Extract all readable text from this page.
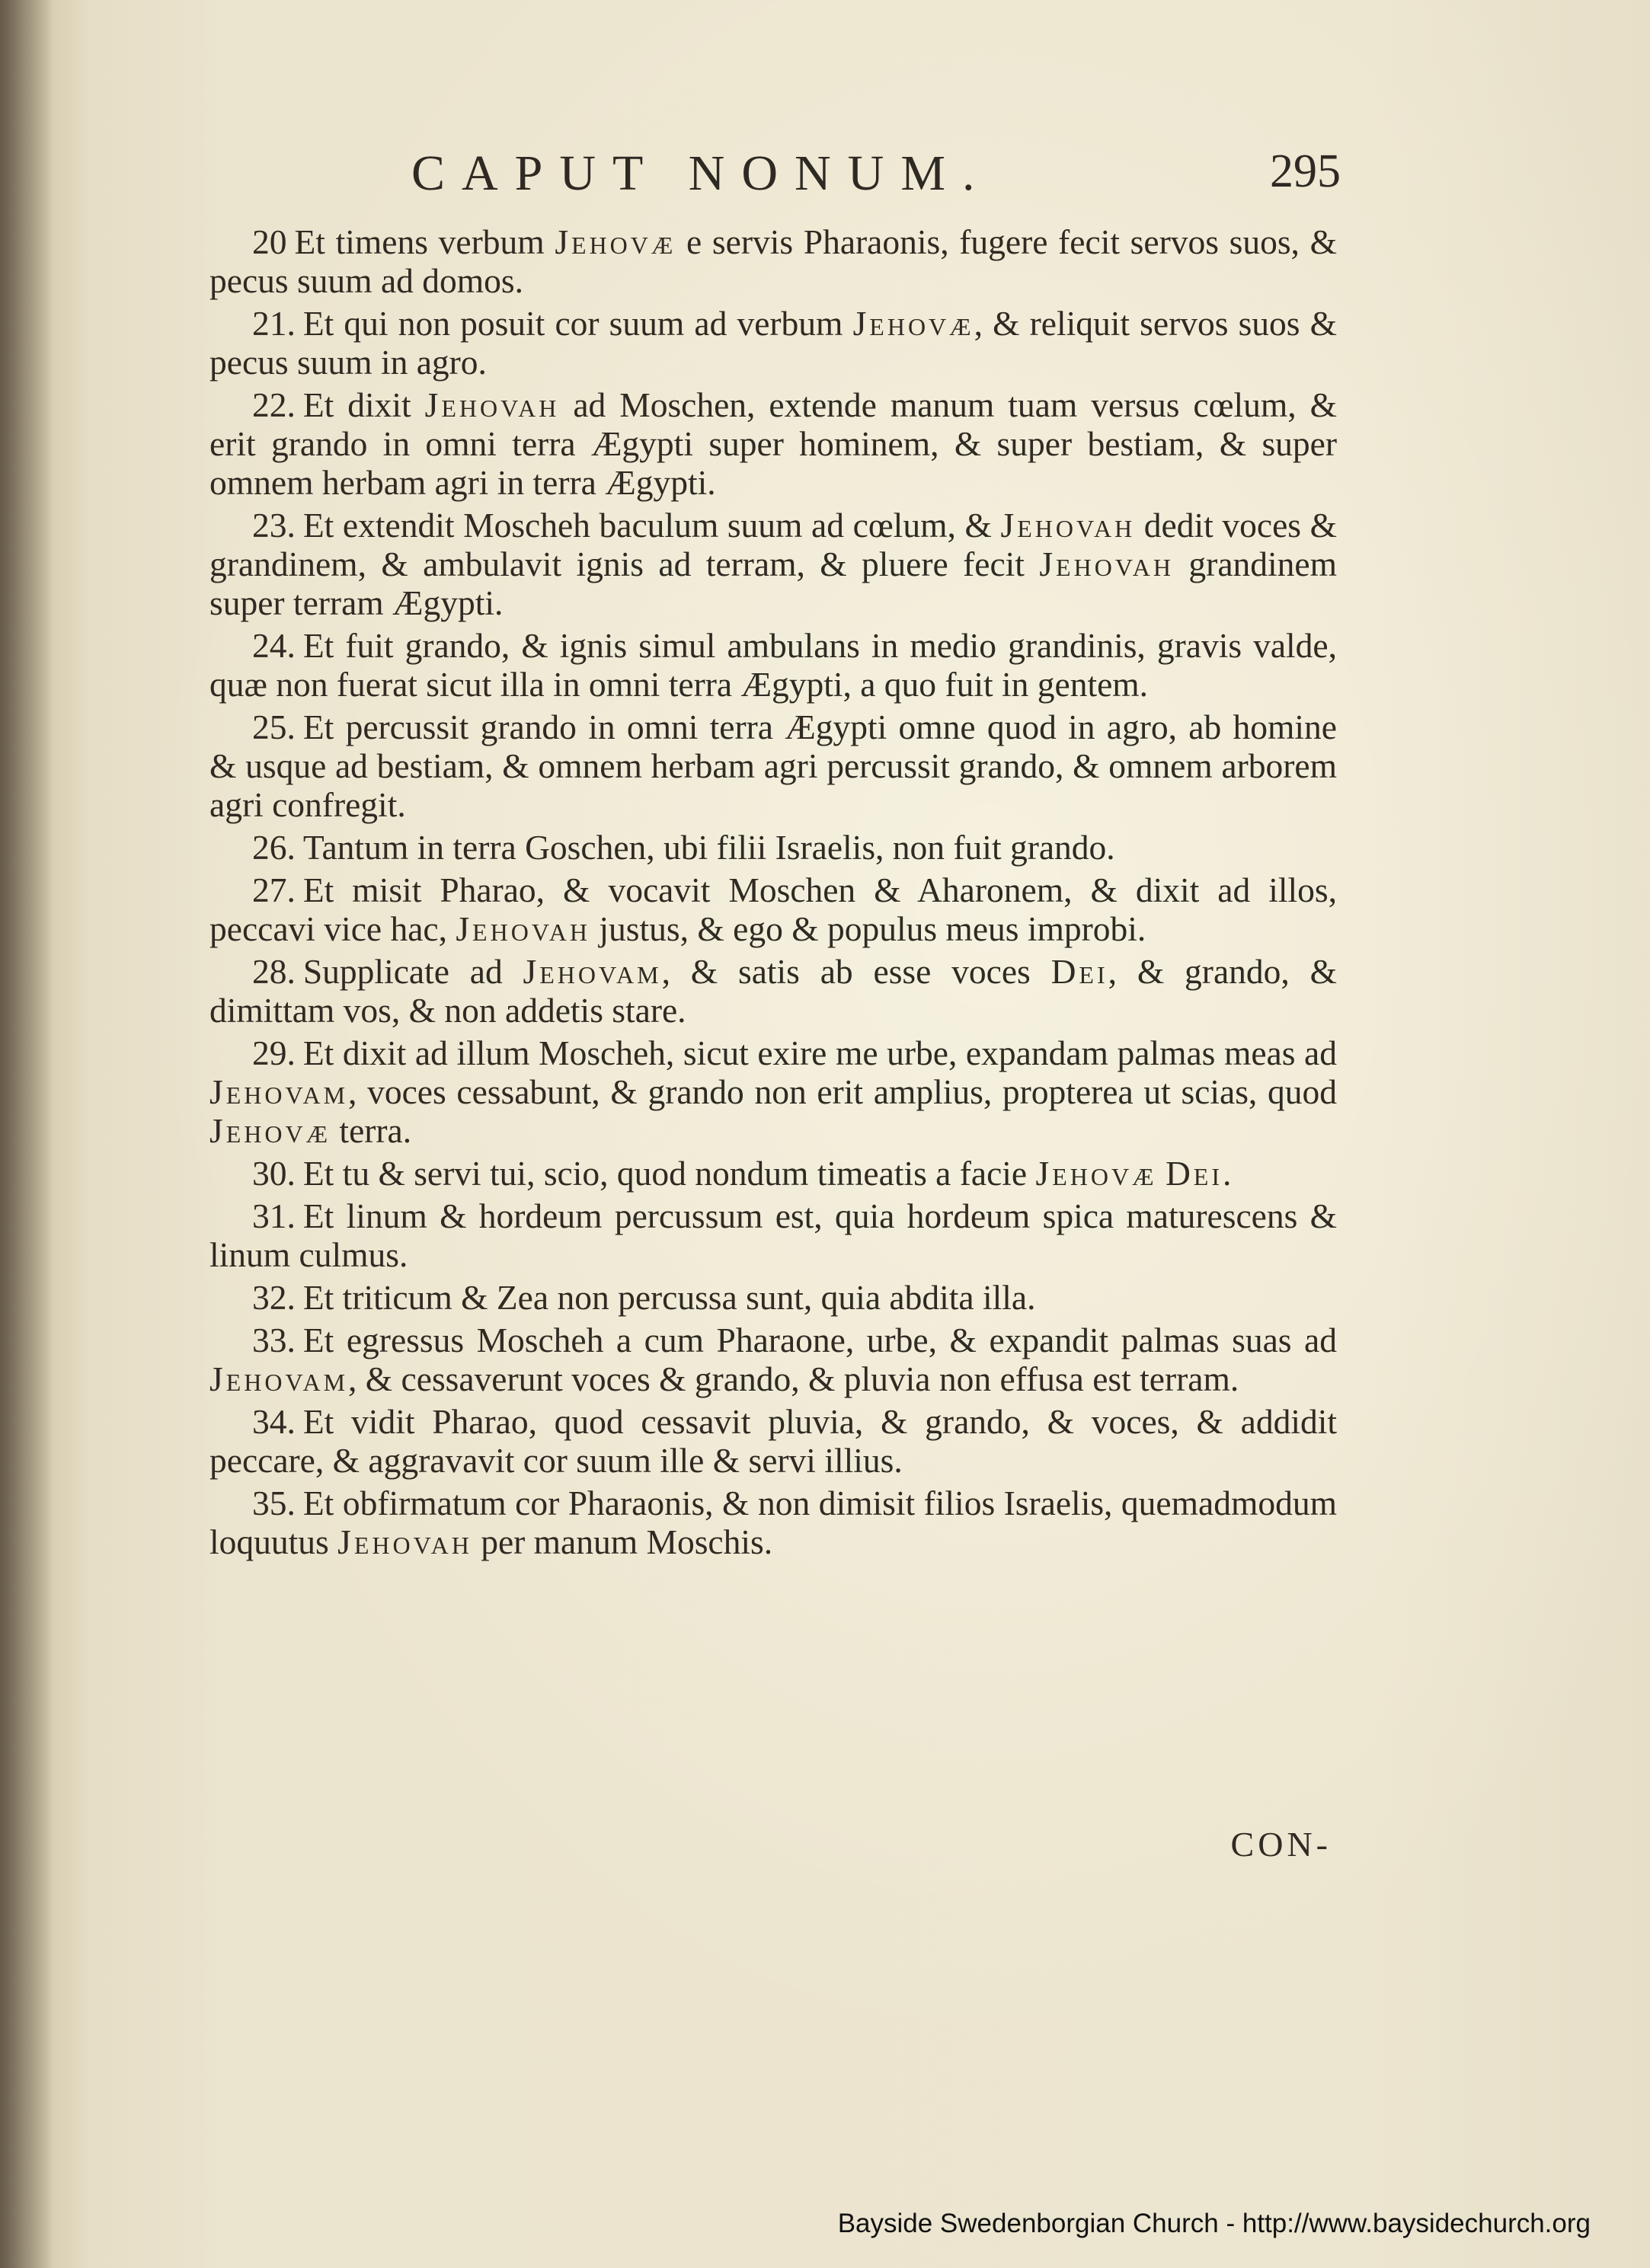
CAPUT NONUM.	295

20 Et timens verbum Jehovæ e servis Pharaonis, fugere fecit servos suos, & pecus suum ad domos.

21. Et qui non posuit cor suum ad verbum Jehovæ, & reliquit servos suos & pecus suum in agro.

22. Et dixit Jehovah ad Moschen, extende manum tuam versus cœlum, & erit grando in omni terra Ægypti super hominem, & super bestiam, & super omnem herbam agri in terra Ægypti.

23. Et extendit Moscheh baculum suum ad cœlum, & Jehovah dedit voces & grandinem, & ambulavit ignis ad terram, & pluere fecit Jehovah grandinem super terram Ægypti.

24. Et fuit grando, & ignis simul ambulans in medio grandinis, gravis valde, quæ non fuerat sicut illa in omni terra Ægypti, a quo fuit in gentem.

25. Et percussit grando in omni terra Ægypti omne quod in agro, ab homine & usque ad bestiam, & omnem herbam agri percussit grando, & omnem arborem agri confregit.

26. Tantum in terra Goschen, ubi filii Israelis, non fuit grando.

27. Et misit Pharao, & vocavit Moschen & Aharonem, & dixit ad illos, peccavi vice hac, Jehovah justus, & ego & populus meus improbi.

28. Supplicate ad Jehovam, & satis ab esse voces Dei, & grando, & dimittam vos, & non addetis stare.

29. Et dixit ad illum Moscheh, sicut exire me urbe, expandam palmas meas ad Jehovam, voces cessabunt, & grando non erit amplius, propterea ut scias, quod Jehovæ terra.

30. Et tu & servi tui, scio, quod nondum timeatis a facie Jehovæ Dei.

31. Et linum & hordeum percussum est, quia hordeum spica maturescens & linum culmus.

32. Et triticum & Zea non percussa sunt, quia abdita illa.

33. Et egressus Moscheh a cum Pharaone, urbe, & expandit palmas suas ad Jehovam, & cessaverunt voces & grando, & pluvia non effusa est terram.

34. Et vidit Pharao, quod cessavit pluvia, & grando, & voces, & addidit peccare, & aggravavit cor suum ille & servi illius.

35. Et obfirmatum cor Pharaonis, & non dimisit filios Israelis, quemadmodum loquutus Jehovah per manum Moschis.

CON-
Bayside Swedenborgian Church - http://www.baysidechurch.org
